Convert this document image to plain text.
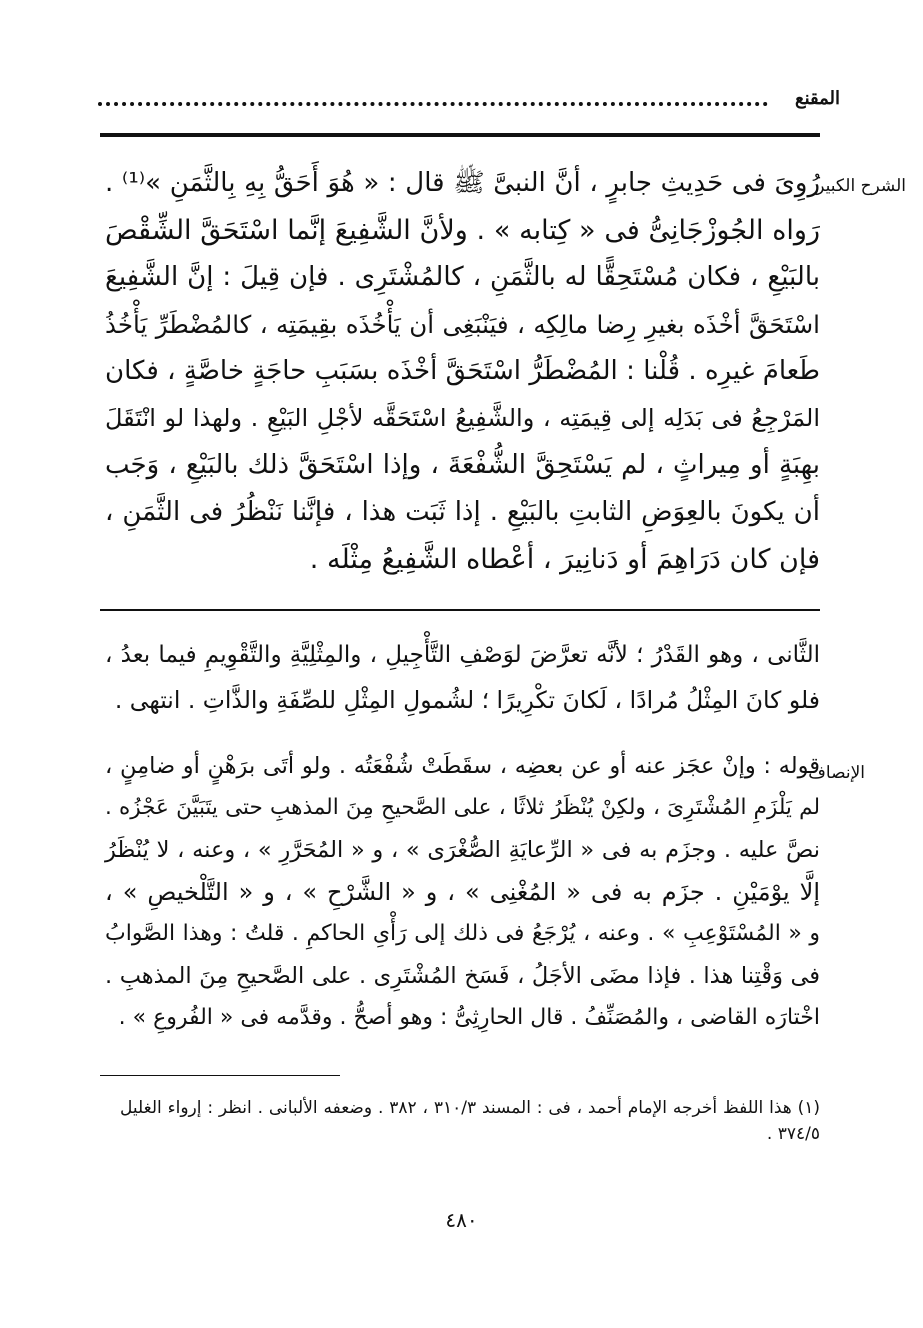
المقنع
الشرح الكبير
رُوِىَ فى حَدِيثِ جابرٍ ، أنَّ النبىَّ ﷺ قال : « هُوَ أَحَقُّ بِهِ بِالثَّمَنِ »⁽¹⁾ .
رَواه الجُوزْجَانِىُّ فى « كِتابه » . ولأنَّ الشَّفِيعَ إنَّما اسْتَحَقَّ الشِّقْصَ
بالبَيْعِ ، فكان مُسْتَحِقًّا له بالثَّمَنِ ، كالمُشْتَرِى . فإن قِيلَ : إنَّ الشَّفِيعَ
اسْتَحَقَّ أخْذَه بغيرِ رِضا مالِكِه ، فيَنْبَغِى أن يَأْخُذَه بقِيمَتِه ، كالمُضْطَرِّ يَأْخُذُ
طَعامَ غيرِه . قُلْنا : المُضْطَرُّ اسْتَحَقَّ أخْذَه بسَبَبِ حاجَةٍ خاصَّةٍ ، فكان
المَرْجِعُ فى بَدَلِه إلى قِيمَتِه ، والشَّفِيعُ اسْتَحَقَّه لأجْلِ البَيْعِ . ولهذا لو انْتَقَلَ
بهِبَةٍ أو مِيراثٍ ، لم يَسْتَحِقَّ الشُّفْعَةَ ، وإذا اسْتَحَقَّ ذلك بالبَيْعِ ، وَجَب
أن يكونَ بالعِوَضِ الثابتِ بالبَيْعِ . إذا ثَبَت هذا ، فإنَّنا نَنْظُرُ فى الثَّمَنِ ،
فإن كان دَرَاهِمَ أو دَنانِيرَ ، أعْطاه الشَّفِيعُ مِثْلَه .
الثَّانى ، وهو القَدْرُ ؛ لأنَّه تعرَّضَ لوَصْفِ التَّأْجِيلِ ، والمِثْلِيَّةِ والتَّقْوِيمِ فيما بعدُ ،
فلو كانَ المِثْلُ مُرادًا ، لَكانَ تكْرِيرًا ؛ لشُمولِ المِثْلِ للصِّفَةِ والذَّاتِ . انتهى .
الإنصاف
قوله : وإنْ عجَز عنه أو عن بعضِه ، سقَطَتْ شُفْعَتُه . ولو أتَى برَهْنٍ أو ضامِنٍ ،
لم يَلْزَمِ المُشْتَرِىَ ، ولكِنْ يُنْظَرُ ثلاثًا ، على الصَّحيحِ مِنَ المذهبِ حتى يتَبَيَّنَ عَجْزُه .
نصَّ عليه . وجزَم به فى « الرِّعايَةِ الصُّغْرَى » ، و « المُحَرَّرِ » ، وعنه ، لا يُنْظَرُ
إلَّا يوْمَيْنِ . جزَم به فى « المُغْنِى » ، و « الشَّرْحِ » ، و « التَّلْخيصِ » ،
و « المُسْتَوْعِبِ » . وعنه ، يُرْجَعُ فى ذلك إلى رَأْىِ الحاكمِ . قلتُ : وهذا الصَّوابُ
فى وَقْتِنا هذا . فإذا مضَى الأجَلُ ، فَسَخ المُشْتَرِى . على الصَّحيحِ مِنَ المذهبِ .
اخْتارَه القاضى ، والمُصَنِّفُ . قال الحارِثِىُّ : وهو أصحُّ . وقدَّمه فى « الفُروعِ » .
(١) هذا اللفظ أخرجه الإمام أحمد ، فى : المسند ٣١٠/٣ ، ٣٨٢ . وضعفه الألبانى . انظر : إرواء الغليل
٣٧٤/٥ .
٤٨٠
